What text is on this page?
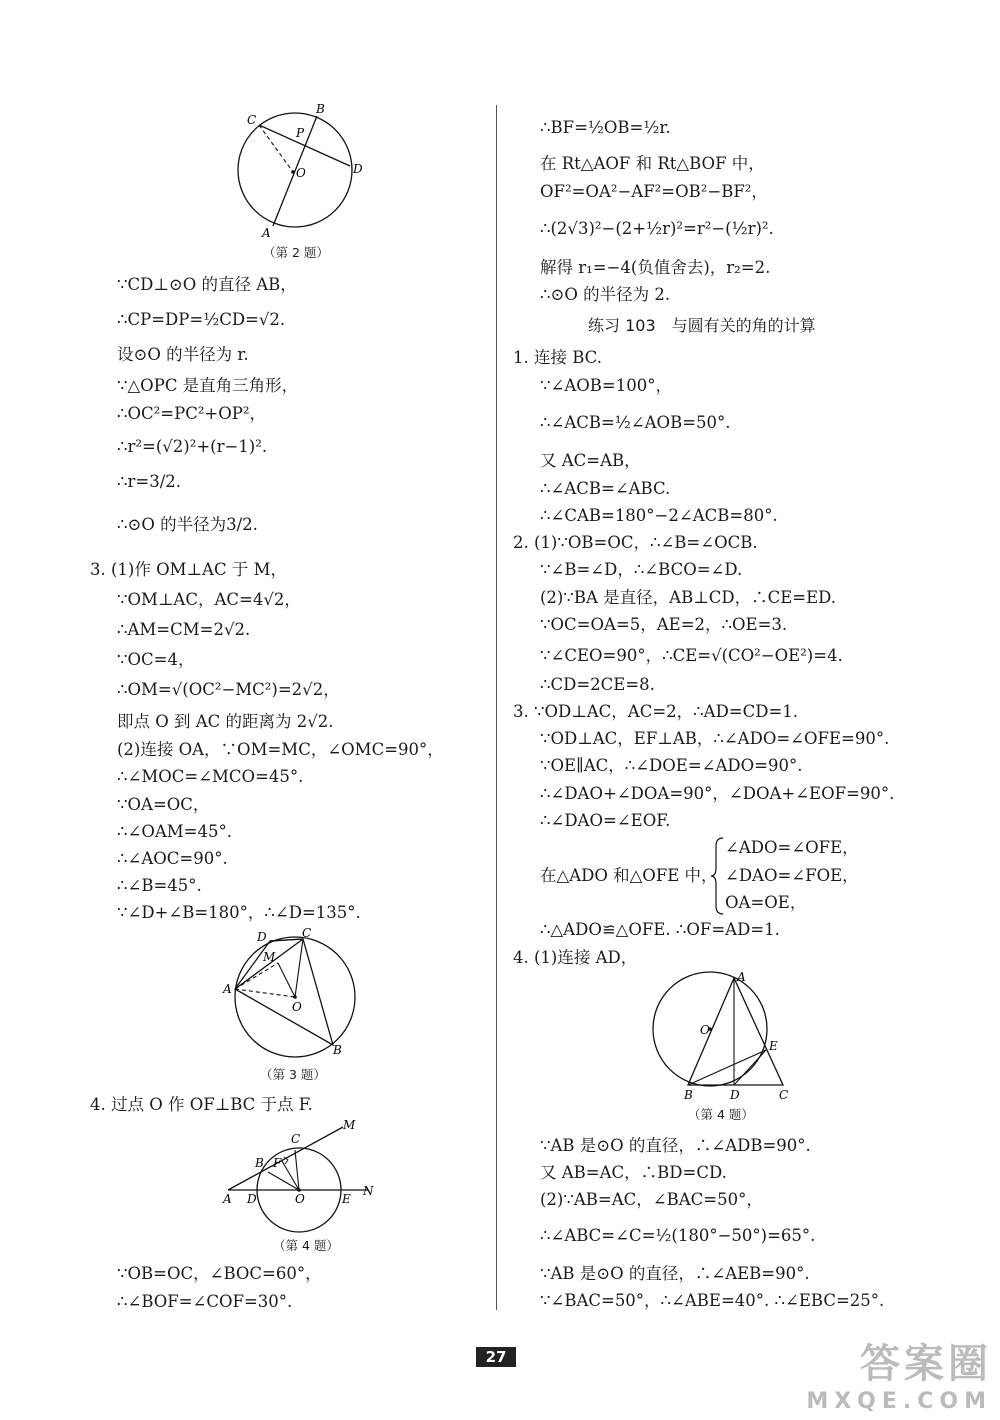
C
B
P
O	D
A
（第 2 题）
∵CD⊥⊙O 的直径 AB，
∴CP=DP=½CD=√2.
设⊙O 的半径为 r.
∵△OPC 是直角三角形，
∴OC²=PC²+OP²，
∴r²=(√2)²+(r−1)².
∴r=3/2.
∴⊙O 的半径为3/2.
3. (1)作 OM⊥AC 于 M，
∵OM⊥AC，AC=4√2，
∴AM=CM=2√2.
∵OC=4，
∴OM=√(OC²−MC²)=2√2，
即点 O 到 AC 的距离为 2√2.
(2)连接 OA，∵OM=MC，∠OMC=90°，
∴∠MOC=∠MCO=45°.
∵OA=OC，
∴∠OAM=45°.
∴∠AOC=90°.
∴∠B=45°.
∵∠D+∠B=180°，∴∠D=135°.
D	C
M
A
O
B
（第 3 题）
4. 过点 O 作 OF⊥BC 于点 F.
M
C
B F
A D	O	E
N
（第 4 题）
∵OB=OC，∠BOC=60°，
∴∠BOF=∠COF=30°.
∴BF=½OB=½r.
在 Rt△AOF 和 Rt△BOF 中，
OF²=OA²−AF²=OB²−BF²，
∴(2√3)²−(2+½r)²=r²−(½r)².
解得 r₁=−4(负值舍去)，r₂=2.
∴⊙O 的半径为 2.
练习 103　与圆有关的角的计算
1. 连接 BC.
∵∠AOB=100°，
∴∠ACB=½∠AOB=50°.
又 AC=AB，
∴∠ACB=∠ABC.
∴∠CAB=180°−2∠ACB=80°.
2. (1)∵OB=OC，∴∠B=∠OCB.
∵∠B=∠D，∴∠BCO=∠D.
(2)∵BA 是直径，AB⊥CD，∴CE=ED.
∵OC=OA=5，AE=2，∴OE=3.
∵∠CEO=90°，∴CE=√(CO²−OE²)=4.
∴CD=2CE=8.
3. ∵OD⊥AC，AC=2，∴AD=CD=1.
∵OD⊥AC，EF⊥AB，∴∠ADO=∠OFE=90°.
∵OE∥AC，∴∠DOE=∠ADO=90°.
∴∠DAO+∠DOA=90°，∠DOA+∠EOF=90°.
∴∠DAO=∠EOF.
在△ADO 和△OFE 中，
∠ADO=∠OFE，
∠DAO=∠FOE，
OA=OE，
∴△ADO≌△OFE. ∴OF=AD=1.
4. (1)连接 AD，
A
O
E
B	D	C
（第 4 题）
∵AB 是⊙O 的直径，∴∠ADB=90°.
又 AB=AC，∴BD=CD.
(2)∵AB=AC，∠BAC=50°，
∴∠ABC=∠C=½(180°−50°)=65°.
∵AB 是⊙O 的直径，∴∠AEB=90°.
∵∠BAC=50°，∴∠ABE=40°. ∴∠EBC=25°.
27	答案圈
MXQE.COM
